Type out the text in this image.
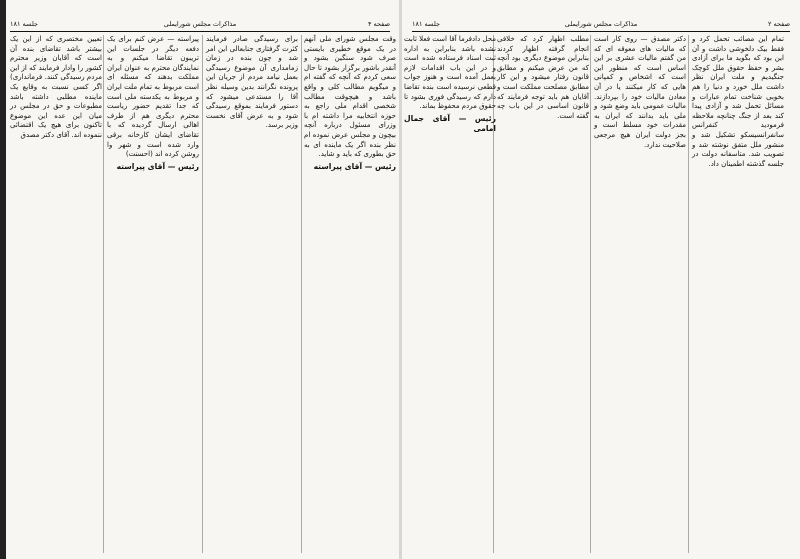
صفحه ۴
مذاکرات مجلس شورایملی
جلسه ۱۸۱

وقت مجلس شورای ملی آنهم در یک موقع خطیری بایستی صرف شود سنگین بشود و آنقدر باشور برگزار بشود تا حال سعی کردم که آنچه که گفته ام و میگویم مطالب کلی و واقع باشد و هیچوقت مطالب شخصی اقدام ملی راجع به حوزه انتخابیه مرا داشته ام با وزرای مسئول درباره آنچه بیچون و مجلس عرض نموده ام نظر بنده اگر یک ماینده ای به حق بطوری که باید و شاید.

رئیس — آقای پیراسته

برای رسیدگی صادر فرمایند کثرت گرفتاری جنابعالی این امر شد و چون بنده در زمان زمامداری آن موضوع رسیدگی بعمل نیامد مردم از جریان این پرونده نگرانند بدین وسیله نظر آقا را مستدعی میشود که دستور فرمایند بموقع رسیدگی شود و به عرض آقای نخست وزیر برسد.

پیراسته — عرض کنم برای یک دفعه دیگر در جلسات این تریبون تقاضا میکنم و به نمایندگان محترم به عنوان ایران مملکت بدهند که مسئله ای است مربوط به تمام ملت ایران و مربوط به یکدسته ملی است که جدا تقدیم حضور ریاست محترم دیگری هم از طرف اهالی ارسال گردیده که با تقاضای ایشان کارخانه برقی وارد شده است و شهر وا روشن کرده اند (احسنت)

رئیس — آقای پیراسته

تعیین مختصری که از این یک بیشتر باشد تقاضای بنده آن است که آقایان وزیر محترم کشور را وادار فرمایند که از این مردم رسیدگی کنند. فرمانداری) اگر کسی نسبت به وقایع یک ماینده مطلبی داشته باشد مطبوعات و حق در مجلس در میان این عده این موضوع تاکنون برای هیچ یک اقتضائی ننموده اند. آقای دکتر مصدق

صفحه ۲
مذاکرات مجلس شورایملی
جلسه ۱۸۱

تمام این مصائب تحمل کرد و فقط بیک دلخوشی داشت و آن این بود که بگوید ما برای آزادی بشر و حفظ حقوق ملل کوچک جنگیدیم و ملت ایران نظر داشت ملل خورد و دنیا را هم بخوبی شناخت تمام عبارات و مسائل تحمل شد و آزادی پیدا کند بعد از جنگ چنانچه ملاحظه فرمودید کنفرانس سانفرانسیسکو تشکیل شد و منشور ملل متفق نوشته شد و تصویب شد. متاسفانه دولت در جلسه گذشته اطمینان داد.

دکتر مصدق — روی کار است که مالیات های معوقه ای که من گفتم مالیات عشری بر این اساس است که منظور این است که اشخاص و کمپانی هایی که کار میکنند یا در آن معادن مالیات خود را بپردازند. مالیات عمومی باید وضع شود و ملی باید بدانند که ایران به مقدرات خود مسلط است و بجز دولت ایران هیچ مرجعی صلاحیت ندارد.

مطلب اظهار کرد که خلافی انجام گرفته اظهار کردند بنابراین موضوع دیگری بود آنچه که من عرض میکنم و مطابق قانون رفتار میشود و این کار مطابق مصلحت مملکت است و آقایان هم باید توجه فرمایند که قانون اساسی در این باب چه گفته است.

محل دادفرما آقا است فعلا ثابت نشده باشد بنابراین به اداره ثبت اسناد فرستاده شده است و در این باب اقدامات لازم بعمل آمده است و هنوز جواب قطعی نرسیده است بنده تقاضا دارم که رسیدگی فوری بشود تا حقوق مردم محفوظ بماند.

رئیس — آقای جمال امامی
